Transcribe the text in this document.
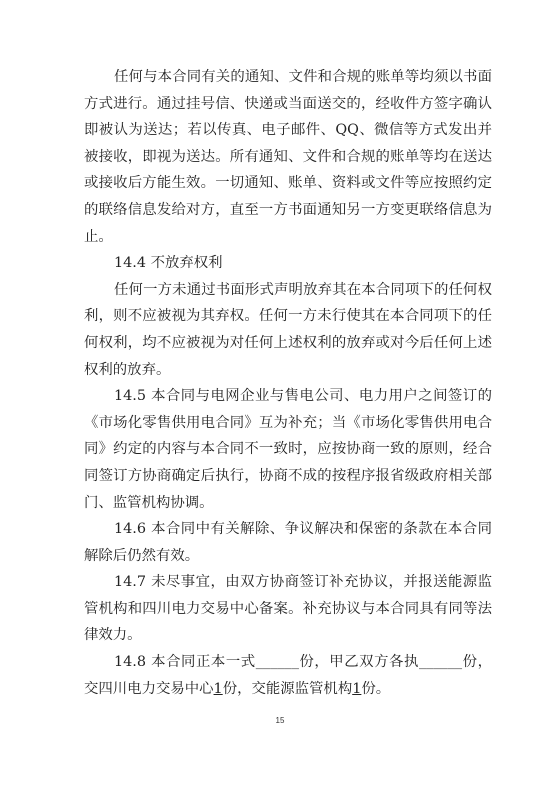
任何与本合同有关的通知、文件和合规的账单等均须以书面方式进行。通过挂号信、快递或当面送交的，经收件方签字确认即被认为送达；若以传真、电子邮件、QQ、微信等方式发出并被接收，即视为送达。所有通知、文件和合规的账单等均在送达或接收后方能生效。一切通知、账单、资料或文件等应按照约定的联络信息发给对方，直至一方书面通知另一方变更联络信息为止。

14.4 不放弃权利

任何一方未通过书面形式声明放弃其在本合同项下的任何权利，则不应被视为其弃权。任何一方未行使其在本合同项下的任何权利，均不应被视为对任何上述权利的放弃或对今后任何上述权利的放弃。

14.5 本合同与电网企业与售电公司、电力用户之间签订的《市场化零售供用电合同》互为补充；当《市场化零售供用电合同》约定的内容与本合同不一致时，应按协商一致的原则，经合同签订方协商确定后执行，协商不成的按程序报省级政府相关部门、监管机构协调。

14.6 本合同中有关解除、争议解决和保密的条款在本合同解除后仍然有效。

14.7 未尽事宜，由双方协商签订补充协议，并报送能源监管机构和四川电力交易中心备案。补充协议与本合同具有同等法律效力。

14.8 本合同正本一式______份，甲乙双方各执______份，交四川电力交易中心1份，交能源监管机构1份。

15
